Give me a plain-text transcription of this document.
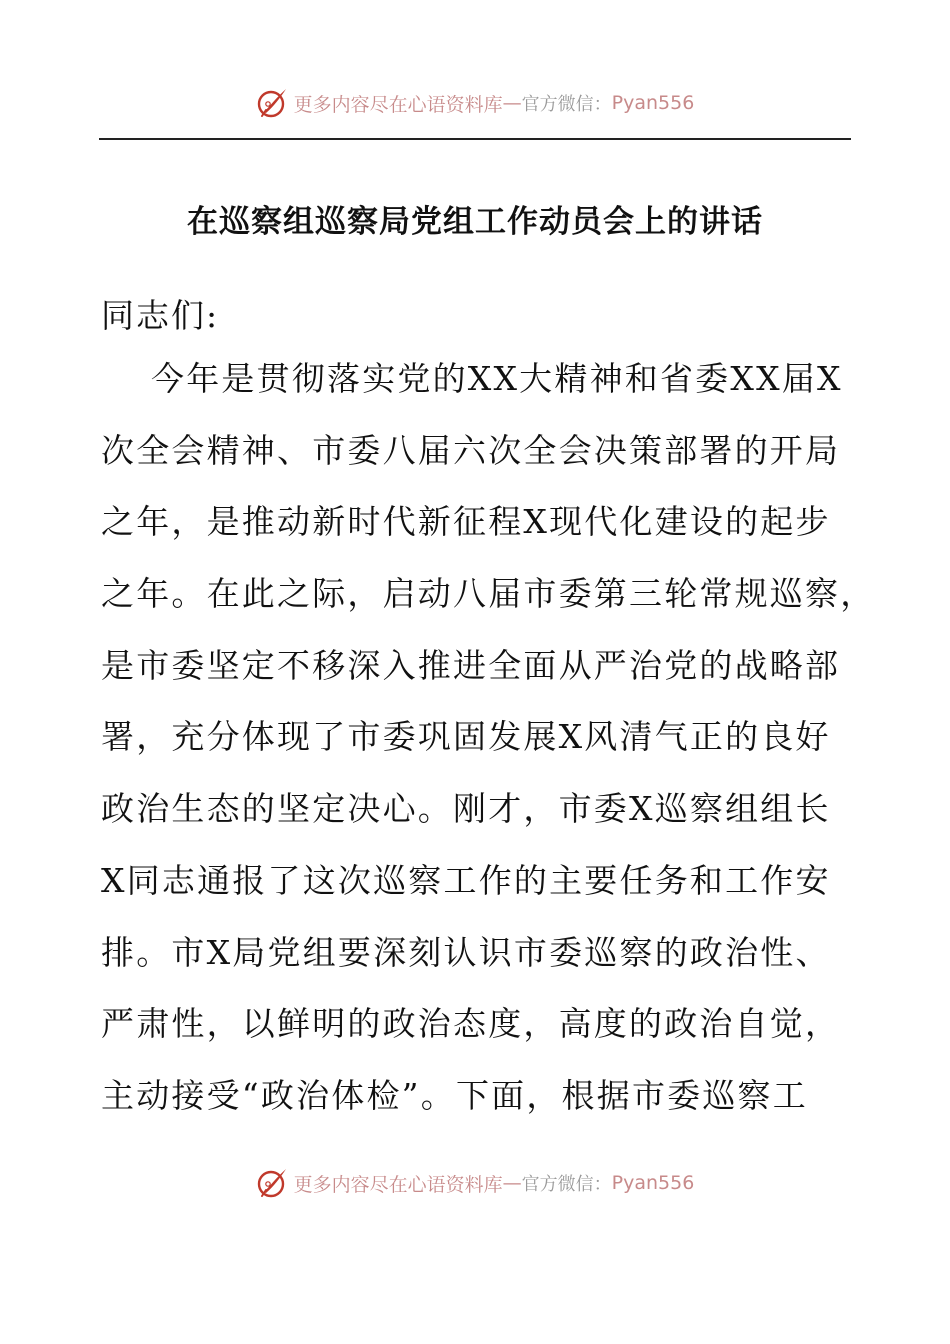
更多内容尽在心语资料库 — 官方微信： Pyan556
在巡察组巡察局党组工作动员会上的讲话
同志们:
今年是贯彻落实党的XX大精神和省委XX届X
次全会精神、市委八届六次全会决策部署的开局
之年，是推动新时代新征程X现代化建设的起步
之年。在此之际，启动八届市委第三轮常规巡察，
是市委坚定不移深入推进全面从严治党的战略部
署，充分体现了市委巩固发展X风清气正的良好
政治生态的坚定决心。刚才，市委X巡察组组长
X同志通报了这次巡察工作的主要任务和工作安
排。市X局党组要深刻认识市委巡察的政治性、
严肃性，以鲜明的政治态度，高度的政治自觉，
主动接受“政治体检”。下面，根据市委巡察工
更多内容尽在心语资料库 — 官方微信： Pyan556
